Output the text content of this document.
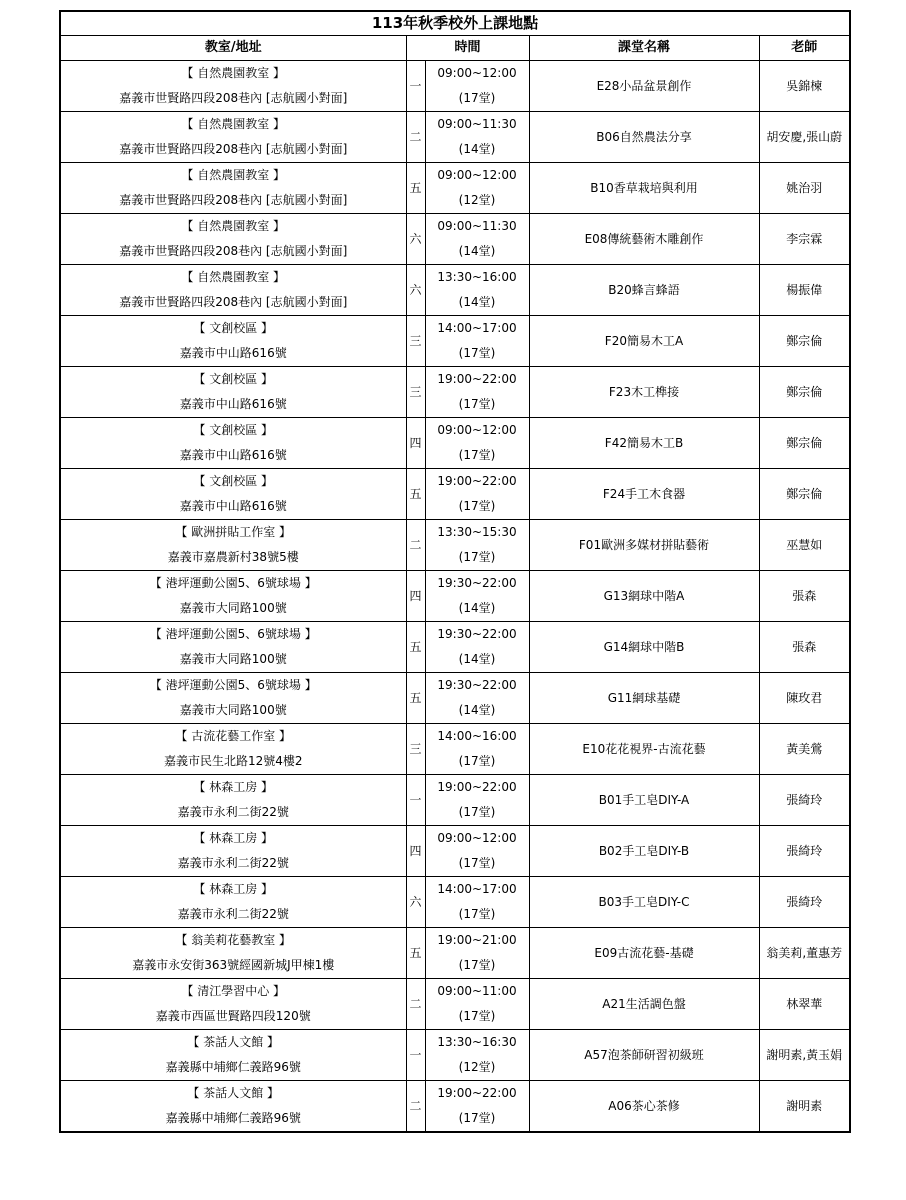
113年秋季校外上課地點				
教室/地址	時間		課堂名稱	老師

【 自然農園教室 】
嘉義市世賢路四段208巷內 [志航國小對面]	一	09:00~12:00
(17堂)	E28小品盆景創作	吳錦楝

【 自然農園教室 】
嘉義市世賢路四段208巷內 [志航國小對面]	二	09:00~11:30
(14堂)	B06自然農法分享	胡安慶,張山蔚

【 自然農園教室 】
嘉義市世賢路四段208巷內 [志航國小對面]	五	09:00~12:00
(12堂)	B10香草栽培與利用	姚治羽

【 自然農園教室 】
嘉義市世賢路四段208巷內 [志航國小對面]	六	09:00~11:30
(14堂)	E08傳統藝術木雕創作	李宗霖

【 自然農園教室 】
嘉義市世賢路四段208巷內 [志航國小對面]	六	13:30~16:00
(14堂)	B20蜂言蜂語	楊振偉

【 文創校區 】
嘉義市中山路616號	三	14:00~17:00
(17堂)	F20簡易木工A	鄭宗倫

【 文創校區 】
嘉義市中山路616號	三	19:00~22:00
(17堂)	F23木工榫接	鄭宗倫

【 文創校區 】
嘉義市中山路616號	四	09:00~12:00
(17堂)	F42簡易木工B	鄭宗倫

【 文創校區 】
嘉義市中山路616號	五	19:00~22:00
(17堂)	F24手工木食器	鄭宗倫

【 歐洲拼貼工作室 】
嘉義市嘉農新村38號5樓	二	13:30~15:30
(17堂)	F01歐洲多媒材拼貼藝術	巫慧如

【 港坪運動公園5、6號球場 】
嘉義市大同路100號	四	19:30~22:00
(14堂)	G13網球中階A	張森

【 港坪運動公園5、6號球場 】
嘉義市大同路100號	五	19:30~22:00
(14堂)	G14網球中階B	張森

【 港坪運動公園5、6號球場 】
嘉義市大同路100號	五	19:30~22:00
(14堂)	G11網球基礎	陳玫君

【 古流花藝工作室 】
嘉義市民生北路12號4樓2	三	14:00~16:00
(17堂)	E10花花視界-古流花藝	黃美鶯

【 林森工房 】
嘉義市永利二街22號	一	19:00~22:00
(17堂)	B01手工皂DIY-A	張綺玲

【 林森工房 】
嘉義市永利二街22號	四	09:00~12:00
(17堂)	B02手工皂DIY-B	張綺玲

【 林森工房 】
嘉義市永利二街22號	六	14:00~17:00
(17堂)	B03手工皂DIY-C	張綺玲

【 翁美莉花藝教室 】
嘉義市永安街363號經國新城J甲棟1樓	五	19:00~21:00
(17堂)	E09古流花藝-基礎	翁美莉,董惠芳

【 清江學習中心 】
嘉義市西區世賢路四段120號	二	09:00~11:00
(17堂)	A21生活調色盤	林翠華

【 茶話人文館 】
嘉義縣中埔鄉仁義路96號	一	13:30~16:30
(12堂)	A57泡茶師研習初級班	謝明素,黃玉娟

【 茶話人文館 】
嘉義縣中埔鄉仁義路96號	二	19:00~22:00
(17堂)	A06茶心茶修	謝明素
